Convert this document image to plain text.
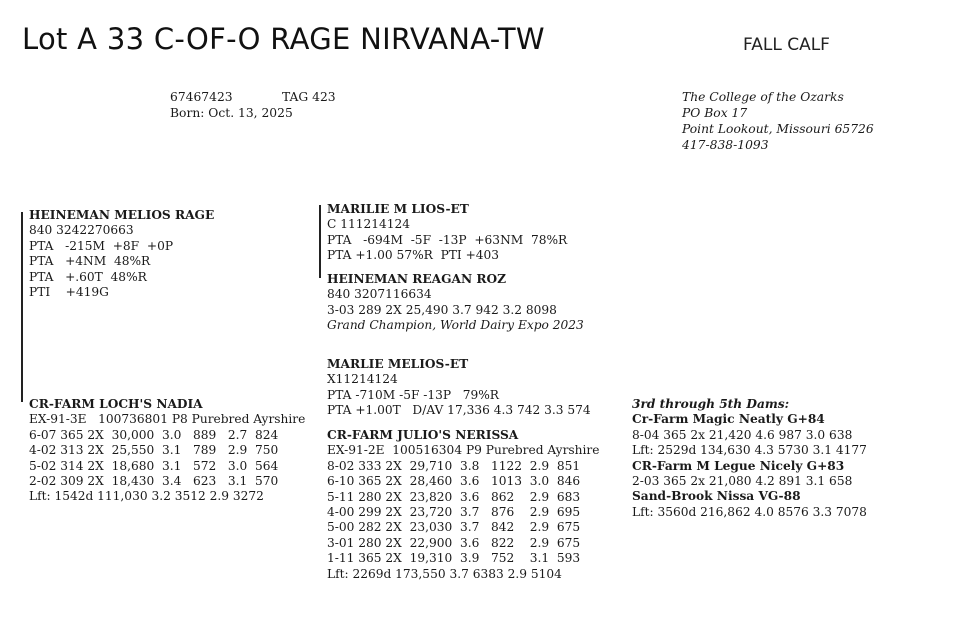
Lot A 33 C-OF-O RAGE NIRVANA-TW	FALL CALF
67467423	TAG 423
Born: Oct. 13, 2025
The College of the Ozarks
PO Box 17
Point Lookout, Missouri 65726
417-838-1093
HEINEMAN MELIOS RAGE
840 3242270663
PTA   -215M  +8F  +0P
PTA   +4NM  48%R
PTA   +.60T  48%R
PTI    +419G
MARILIE M LIOS-ET
C 111214124
PTA   -694M  -5F  -13P  +63NM  78%R
PTA +1.00 57%R  PTI +403
HEINEMAN REAGAN ROZ
840 3207116634
3-03 289 2X 25,490 3.7 942 3.2 8098
Grand Champion, World Dairy Expo 2023
MARLIE MELIOS-ET
X11214124
PTA -710M -5F -13P   79%R
PTA +1.00T   D/AV 17,336 4.3 742 3.3 574
CR-FARM LOCH'S NADIA
EX-91-3E   100736801 P8 Purebred Ayrshire
6-07 365 2X  30,000  3.0   889   2.7  824
4-02 313 2X  25,550  3.1   789   2.9  750
5-02 314 2X  18,680  3.1   572   3.0  564
2-02 309 2X  18,430  3.4   623   3.1  570
Lft: 1542d 111,030 3.2 3512 2.9 3272
CR-FARM JULIO'S NERISSA
EX-91-2E  100516304 P9 Purebred Ayrshire
8-02 333 2X  29,710  3.8   1122  2.9  851
6-10 365 2X  28,460  3.6   1013  3.0  846
5-11 280 2X  23,820  3.6   862    2.9  683
4-00 299 2X  23,720  3.7   876    2.9  695
5-00 282 2X  23,030  3.7   842    2.9  675
3-01 280 2X  22,900  3.6   822    2.9  675
1-11 365 2X  19,310  3.9   752    3.1  593
Lft: 2269d 173,550 3.7 6383 2.9 5104
3rd through 5th Dams:
Cr-Farm Magic Neatly G+84
8-04 365 2x 21,420 4.6 987 3.0 638
Lft: 2529d 134,630 4.3 5730 3.1 4177
CR-Farm M Legue Nicely G+83
2-03 365 2x 21,080 4.2 891 3.1 658
Sand-Brook Nissa VG-88
Lft: 3560d 216,862 4.0 8576 3.3 7078
